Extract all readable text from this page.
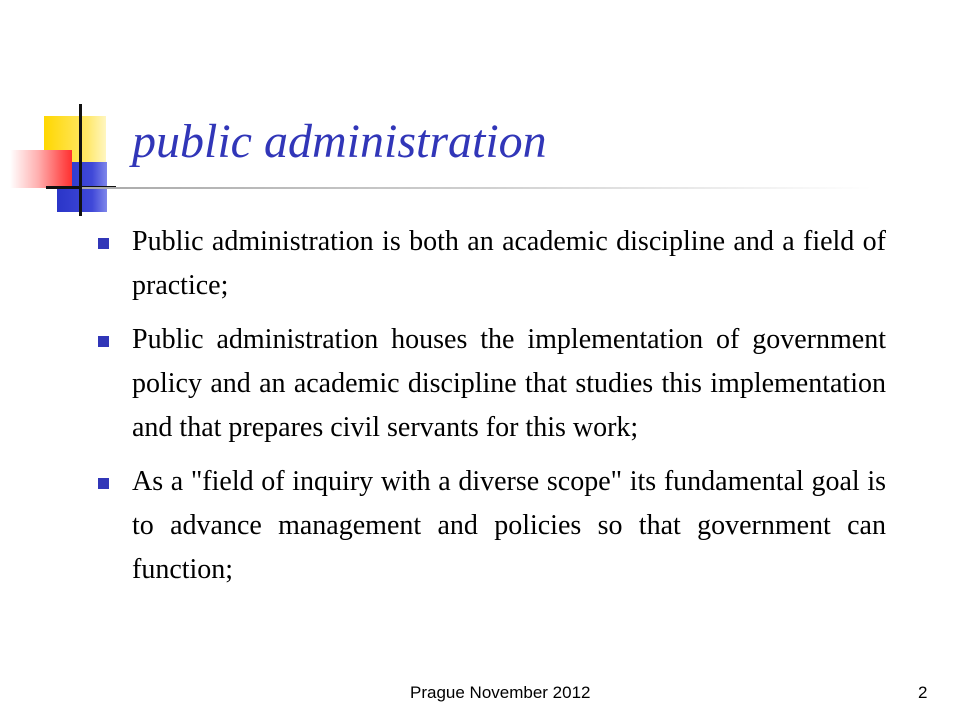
public administration
Public administration is both an academic discipline and a field of practice;
Public administration houses the implementation of government policy and an academic discipline that studies this implementation and that prepares civil servants for this work;
As a "field of inquiry with a diverse scope" its fundamental goal is to advance management and policies so that government can function;
Prague November 2012	2
